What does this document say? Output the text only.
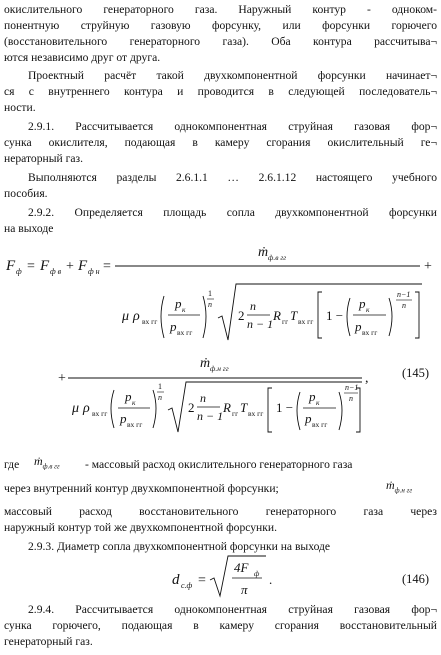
окислительного генераторного газа. Наружный контур - одноком-
понентную струйную газовую форсунку, или форсунки горючего
(восстановительного генераторного газа). Оба контура рассчитыва¬
ются независимо друг от друга.
Проектный расчёт такой двухкомпонентной форсунки начинает¬
ся с внутреннего контура и проводится в следующей последователь¬
ности.
2.9.1. Рассчитывается однокомпонентная струйная газовая фор¬
сунка окислителя, подающая в камеру сгорания окислительный ге¬
нераторный газ.
Выполняются разделы 2.6.1.1 … 2.6.1.12 настоящего учебного
пособия.
2.9.2. Определяется площадь сопла двухкомпонентной форсунки
на выходе
F ф = F ф в + F ф н =
ṁ ф.в гг
+
μ ρ вх гг
p к
p вх гг
1
n
2
n
n − 1
R гг T вх гг 1 −
p к
p вх гг
n−1
n
+
ṁ ф.н гг
,
μ ρ вх гг
p к
p вх гг
1
n
2
n
n − 1
R гг T вх гг 1 −
p к
p вх гг
n−1
n
(145)
где ṁ$_{ф.в гг}$ - массовый расход окислительного генераторного газа
через внутренний контур двухкомпонентной форсунки;	ṁ$_{ф.н гг}$
массовый расход восстановительного генераторного газа через
наружный контур той же двухкомпонентной форсунки.
2.9.3. Диаметр сопла двухкомпонентной форсунки на выходе
d с.ф =
4F ф
π
.	(146)
2.9.4. Рассчитывается однокомпонентная струйная газовая фор¬
сунка горючего, подающая в камеру сгорания восстановительный
генераторный газ.
